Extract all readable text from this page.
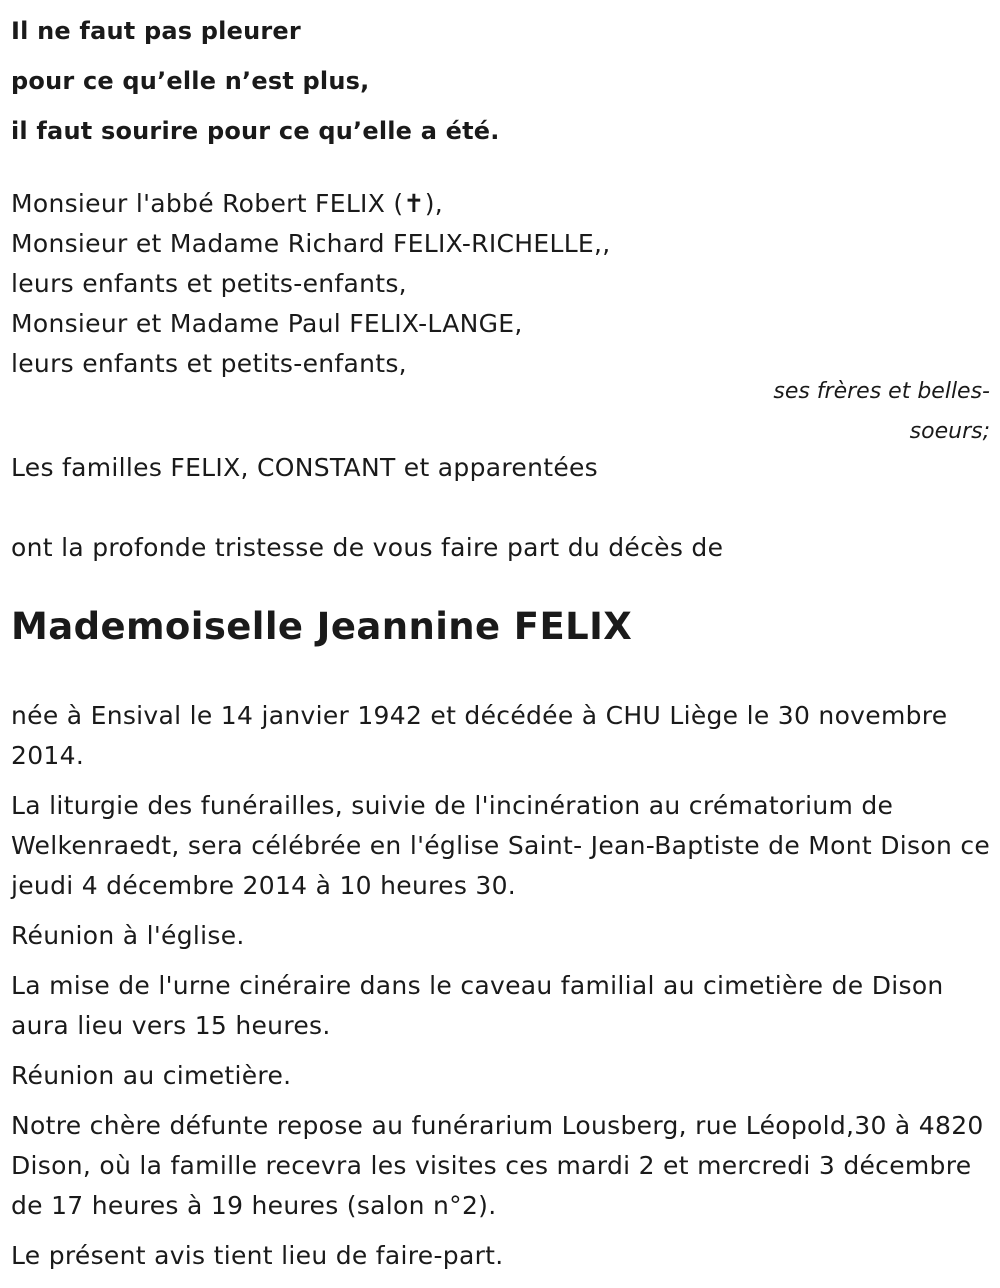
Il ne faut pas pleurer
pour ce qu’elle n’est plus,
il faut sourire pour ce qu’elle a été.
Monsieur l'abbé Robert FELIX (✝),
Monsieur et Madame Richard FELIX-RICHELLE,,
leurs enfants et petits-enfants,
Monsieur et Madame Paul FELIX-LANGE,
leurs enfants et petits-enfants,
ses frères et belles-soeurs;
Les familles FELIX, CONSTANT et apparentées
ont la profonde tristesse de vous faire part du décès de
Mademoiselle Jeannine FELIX

née à Ensival le 14 janvier 1942 et décédée à CHU Liège le 30 novembre 2014.

La liturgie des funérailles, suivie de l'incinération au crématorium de Welkenraedt, sera célébrée en l'église Saint- Jean-Baptiste de Mont Dison ce jeudi 4 décembre 2014 à 10 heures 30.

Réunion à l'église.

La mise de l'urne cinéraire dans le caveau familial au cimetière de Dison aura lieu vers 15 heures.

Réunion au cimetière.

Notre chère défunte repose au funérarium Lousberg, rue Léopold,30 à 4820 Dison, où la famille recevra les visites ces mardi 2 et mercredi 3 décembre de 17 heures à 19 heures (salon n°2).

Le présent avis tient lieu de faire-part.
